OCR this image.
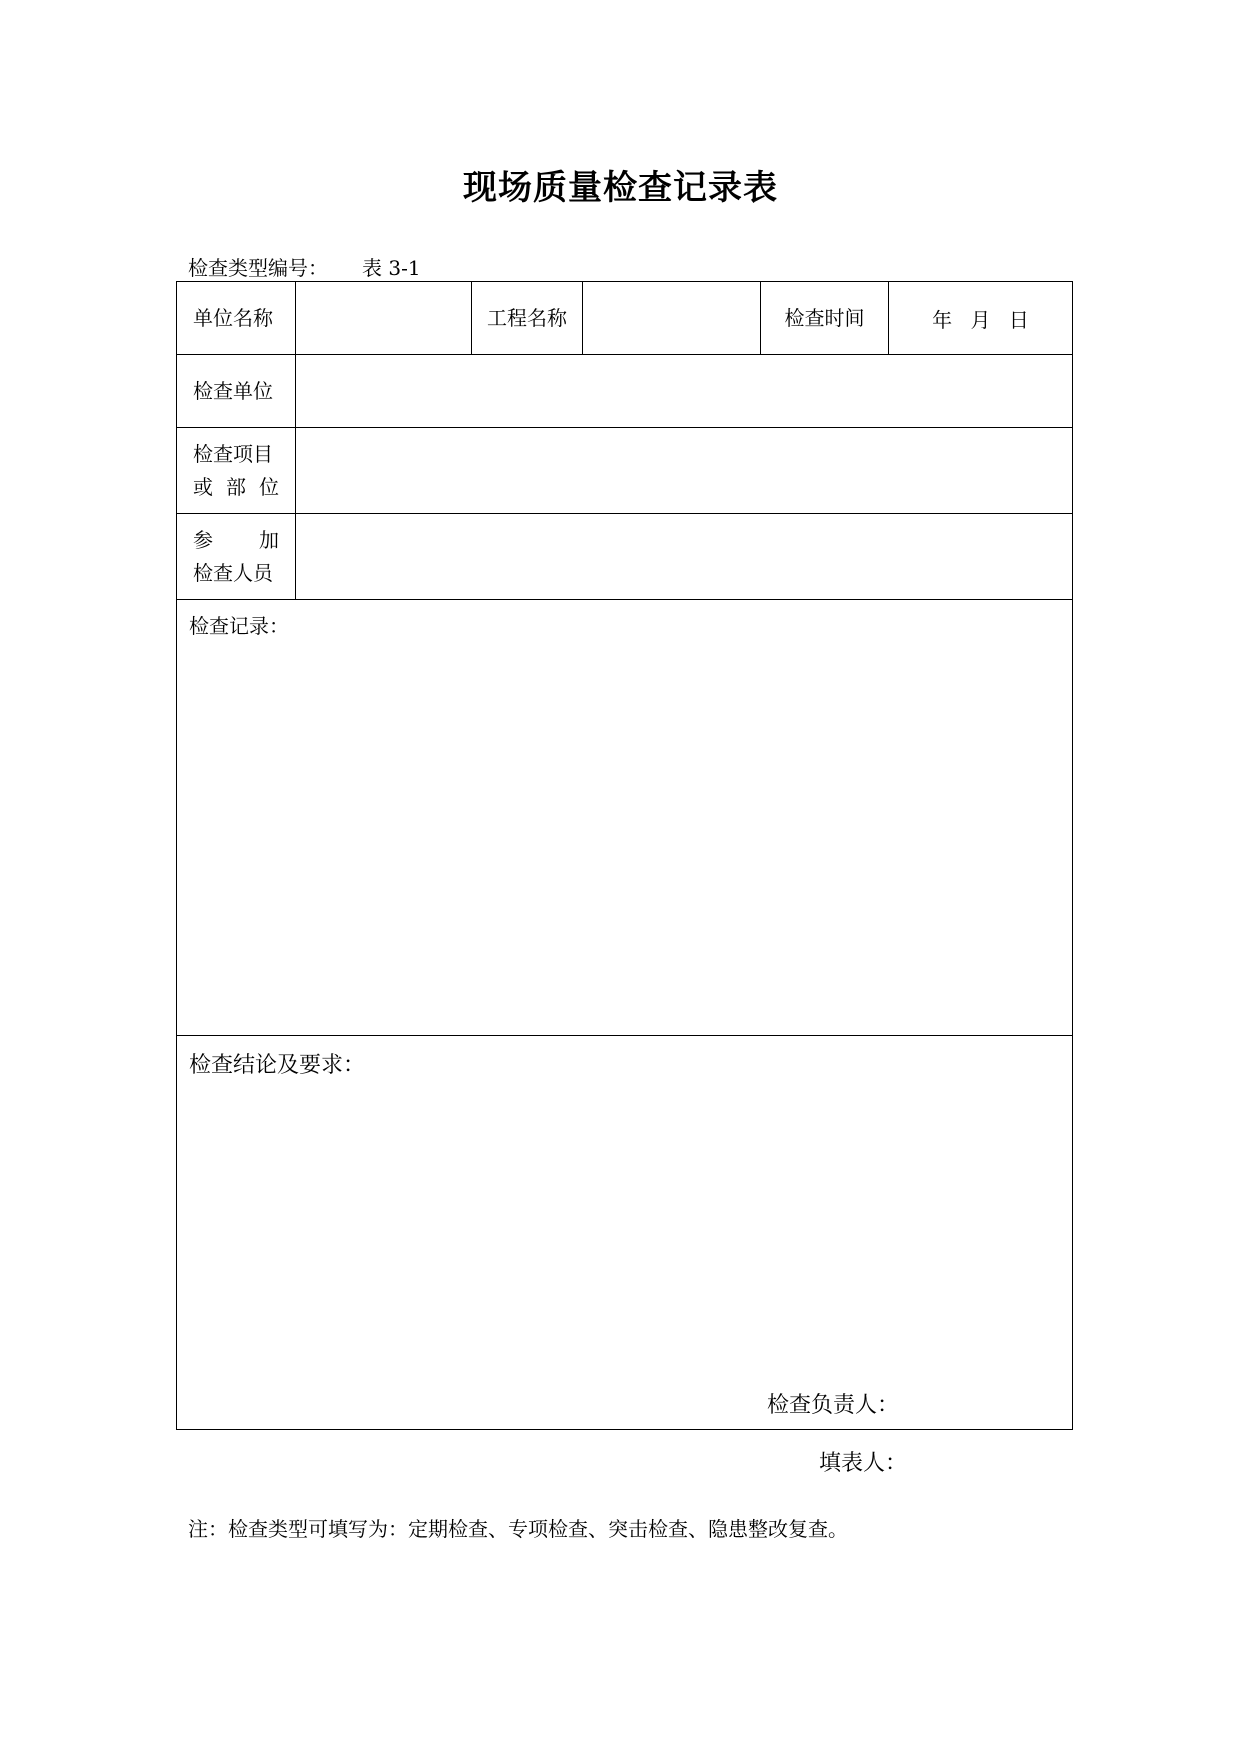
现场质量检查记录表
检查类型编号： 表 3-1
单位名称		工程名称		检查时间	年 月 日
检查单位					

检查项目
或 部 位					

参 加
检查人员					

检查记录：					

检查结论及要求：
检查负责人：					
填表人：
注：检查类型可填写为：定期检查、专项检查、突击检查、隐患整改复查。
